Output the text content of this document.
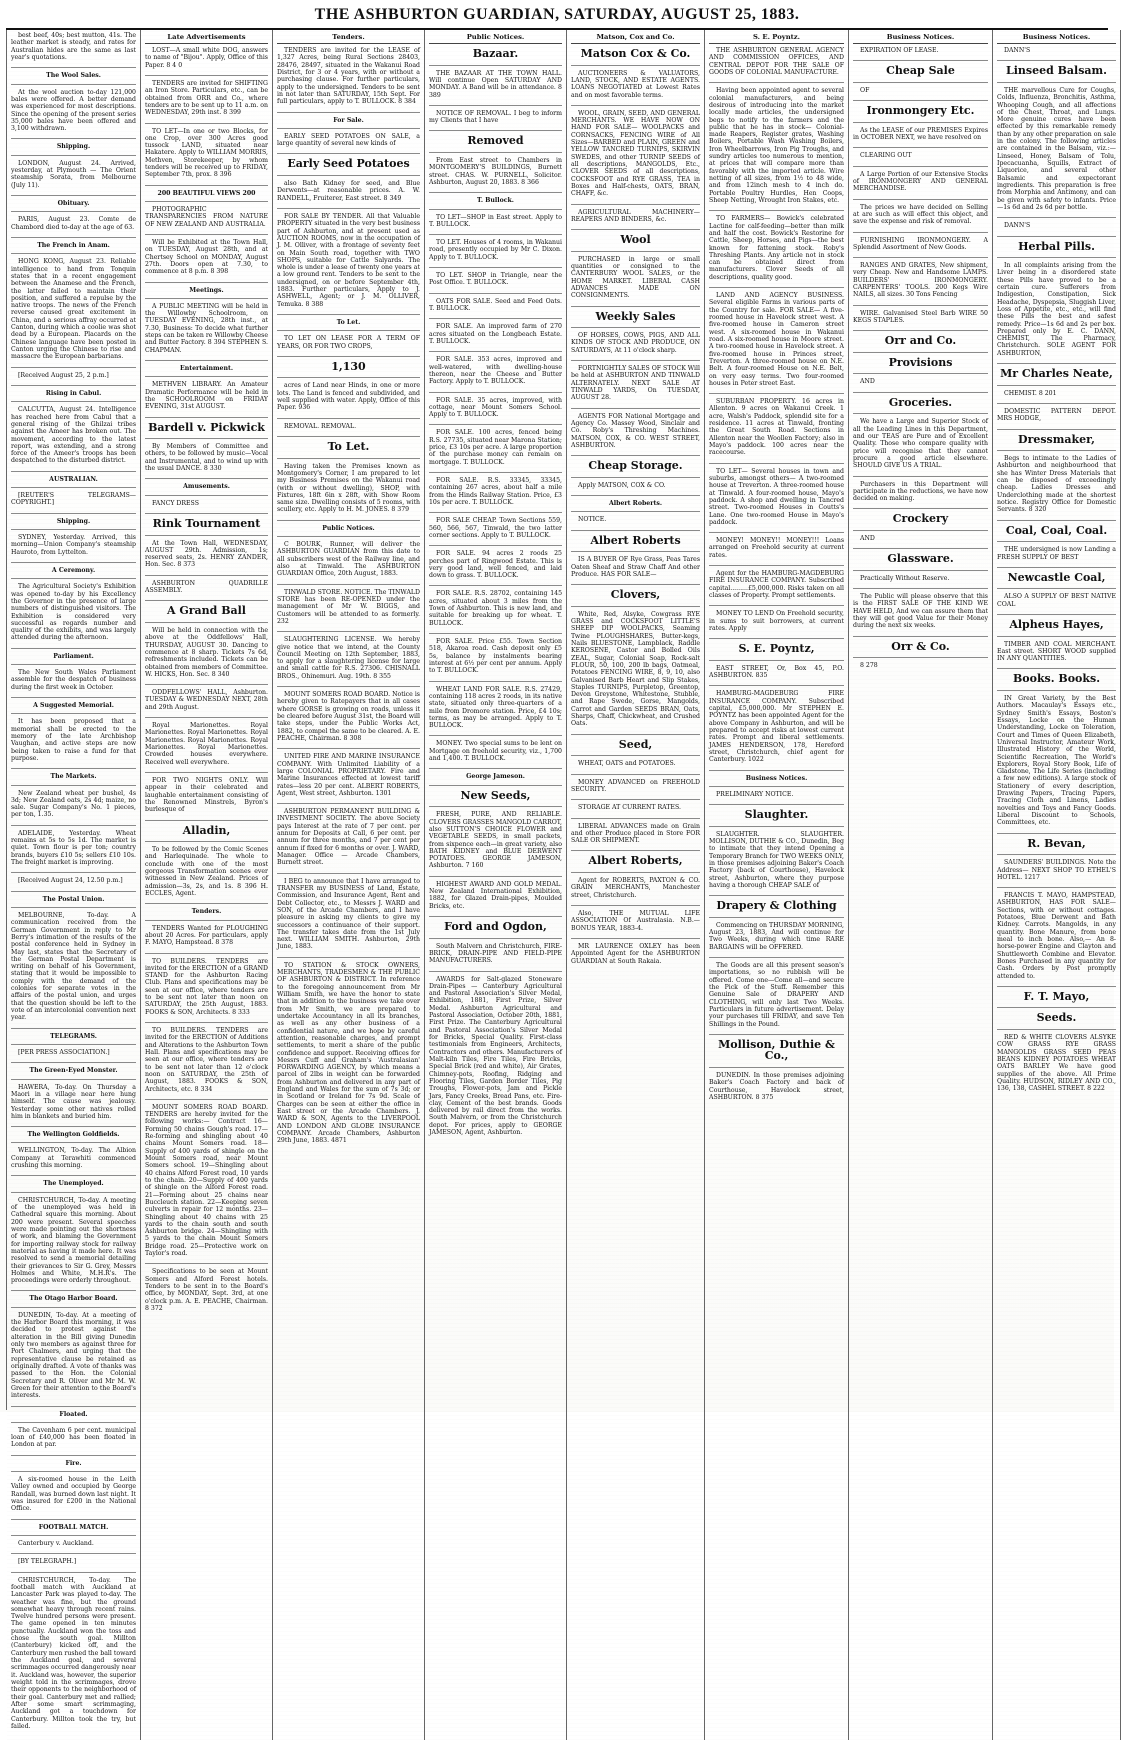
THE ASHBURTON GUARDIAN, SATURDAY, AUGUST 25, 1883.
best beef, 40s; best mutton, 41s. The leather market is steady, and rates for Australian hides are the same as last year's quotations.
The Wool Sales.
At the wool auction to-day 121,000 bales were offered. A better demand was experienced for most descriptions. Since the opening of the present series 35,000 bales have been offered and 3,100 withdrawn.
Shipping.
LONDON, August 24. Arrived, yesterday, at Plymouth — The Orient steamship Sorata, from Melbourne (July 11).
Obituary.
PARIS, August 23. Comte de Chambord died to-day at the age of 63.
The French in Anam.
HONG KONG, August 23. Reliable intelligence to hand from Tonquin states that in a recent engagement between the Anamese and the French, the latter failed to maintain their position, and suffered a repulse by the native troops. The news of the French reverse caused great excitement in China, and a serious affray occurred at Canton, during which a coolie was shot dead by a European. Placards on the Chinese language have been posted in Canton urging the Chinese to rise and massacre the European barbarians.
[Received August 25, 2 p.m.]
Rising in Cabul.
CALCUTTA, August 24. Intelligence has reached here from Cabul that a general rising of the Ghilzai tribes against the Ameer has broken out. The movement, according to the latest report, was extending, and a strong force of the Ameer's troops has been despatched to the disturbed district.
AUSTRALIAN.
[REUTER'S TELEGRAMS—COPYRIGHT.]
Shipping.
SYDNEY, Yesterday. Arrived, this morning—Union Company's steamship Hauroto, from Lyttelton.
A Ceremony.
The Agricultural Society's Exhibition was opened to-day by his Excellency the Governor in the presence of large numbers of distinguished visitors. The Exhibition is considered very successful as regards number and quality of the exhibits, and was largely attended during the afternoon.
Parliament.
The New South Wales Parliament assemble for the despatch of business during the first week in October.
A Suggested Memorial.
It has been proposed that a memorial shall be erected to the memory of the late Archbishop Vaughan, and active steps are now being taken to raise a fund for that purpose.
The Markets.
New Zealand wheat per bushel, 4s 3d; New Zealand oats, 2s 4d; maize, no sale. Sugar Company's No. 1 pieces, per ton, 1.35.
ADELAIDE, Yesterday. Wheat remains at 5s to 5s 1d. The market is quiet. Town flour is per ton; country brands, buyers £10 5s; sellers £10 10s. The freight market is improving.
[Received August 24, 12.50 p.m.]
The Postal Union.
MELBOURNE, To-day. A communication received from the German Government in reply to Mr Berry's intimation of the results of the postal conference held in Sydney in May last, states that the Secretary of the German Postal Department is writing on behalf of his Government, stating that it would be impossible to comply with the demand of the colonies for separate votes in the affairs of the postal union, and urges that the question should be left to the vote of an intercolonial convention next year.
TELEGRAMS.
[PER PRESS ASSOCIATION.]
The Green-Eyed Monster.
HAWERA, To-day. On Thursday a Maori in a village near here hung himself. The cause was jealousy. Yesterday some other natives rolled him in blankets and buried him.
The Wellington Goldfields.
WELLINGTON, To-day. The Albion Company at Terawhiti commenced crushing this morning.
The Unemployed.
CHRISTCHURCH, To-day. A meeting of the unemployed was held in Cathedral square this morning. About 200 were present. Several speeches were made pointing out the shortness of work, and blaming the Government for importing railway stock for railway material as having it made here. It was resolved to send a memorial detailing their grievances to Sir G. Grey, Messrs Holmes and White, M.H.R's. The proceedings were orderly throughout.
The Otago Harbor Board.
DUNEDIN, To-day. At a meeting of the Harbor Board this morning, it was decided to protest against the alteration in the Bill giving Dunedin only two members as against three for Port Chalmers, and urging that the representative clause be retained as originally drafted. A vote of thanks was passed to the Hon. the Colonial Secretary and R. Oliver and Mr M. W. Green for their attention to the Board's interests.
Floated.
The Cavenham 6 per cent. municipal loan of £40,000 has been floated in London at par.
Fire.
A six-roomed house in the Leith Valley owned and occupied by George Randall, was burned down last night. It was insured for £200 in the National Office.
FOOTBALL MATCH.
Canterbury v. Auckland.
[BY TELEGRAPH.]
CHRISTCHURCH, To-day. The football match with Auckland at Lancaster Park was played to-day. The weather was fine, but the ground somewhat heavy through recent rains. Twelve hundred persons were present. The game opened in ten minutes punctually. Auckland won the toss and chose the south goal. Millton (Canterbury) kicked off, and the Canterbury men rushed the ball toward the Auckland goal, and several scrimmages occurred dangerously near it. Auckland was, however, the superior weight told in the scrimmages, drove their opponents to the neighborhood of their goal. Canterbury met and rallied; After some smart scrimmaging, Auckland got a touchdown for Canterbury. Millton took the try, but failed.
Late Advertisements
LOST—A small white DOG, answers to name of "Bijou". Apply, Office of this Paper. 8 4 0
TENDERS are invited for SHIFTING an Iron Store. Particulars, etc., can be obtained from ORR and Co., where tenders are to be sent up to 11 a.m. on WEDNESDAY, 29th inst. 8 399
TO LET—In one or two Blocks, for one Crop, over 300 Acres good tussock LAND, situated near Hakatere. Apply to WILLIAM MORRIS, Methven, Storekeeper, by whom tenders will be received up to FRIDAY, September 7th, prox. 8 396
200 BEAUTIFUL VIEWS 200
PHOTOGRAPHIC TRANSPARENCIES FROM NATURE OF NEW ZEALAND AND AUSTRALIA.
Will be Exhibited at the Town Hall, on TUESDAY, August 28th, and at Chertsey School on MONDAY, August 27th. Doors open at 7.30, to commence at 8 p.m. 8 398
Meetings.
A PUBLIC MEETING will be held in the Willowby Schoolroom, on TUESDAY EVENING, 28th inst., at 7.30, Business: To decide what further steps can be taken re Willowby Cheese and Butter Factory. 8 394 STEPHEN S. CHAPMAN.
Entertainment.
METHVEN LIBRARY. An Amateur Dramatic Performance will be held in the SCHOOLROOM on FRIDAY EVENING, 31st AUGUST.
Bardell v. Pickwick
By Members of Committee and others, to be followed by music—Vocal and Instrumental, and to wind up with the usual DANCE. 8 330
Amusements.
FANCY DRESS
Rink Tournament
At the Town Hall, WEDNESDAY, AUGUST 29th. Admission, 1s; reserved seats, 2s. HENRY ZANDER, Hon. Sec. 8 373
ASHBURTON QUADRILLE ASSEMBLY.
A Grand Ball
Will be held in connection with the above at the Oddfellows' Hall, THURSDAY, AUGUST 30. Dancing to commence at 8 sharp. Tickets 7s 6d, refreshments included. Tickets can be obtained from members of Committee. W. HICKS, Hon. Sec. 8 340
ODDFELLOWS' HALL, Ashburton. TUESDAY & WEDNESDAY NEXT, 28th and 29th August.
Royal Marionettes. Royal Marionettes. Royal Marionettes. Royal Marionettes. Royal Marionettes. Royal Marionettes. Royal Marionettes. Crowded houses everywhere. Received well everywhere.
FOR TWO NIGHTS ONLY. Will appear in their celebrated and laughable entertainment consisting of the Renowned Minstrels, Byron's burlesque of
Alladin,
To be followed by the Comic Scenes and Harlequinade. The whole to conclude with one of the most gorgeous Transformation scenes ever witnessed in New Zealand. Prices of admission—3s, 2s, and 1s. 8 396 H. ECCLES, Agent.
Tenders.
TENDERS Wanted for PLOUGHING about 20 Acres. For particulars, apply F. MAYO, Hampstead. 8 378
TO BUILDERS. TENDERS are invited for the ERECTION of a GRAND STAND for the Ashburton Racing Club. Plans and specifications may be seen at our office, where tenders are to be sent not later than noon on SATURDAY, the 25th August, 1883. FOOKS & SON, Architects. 8 333
TO BUILDERS. TENDERS are invited for the ERECTION of Additions and Alterations to the Ashburton Town Hall. Plans and specifications may be seen at our office, where tenders are to be sent not later than 12 o'clock noon on SATURDAY, the 25th of August, 1883. FOOKS & SON, Architects, etc. 8 334
MOUNT SOMERS ROAD BOARD. TENDERS are hereby invited for the following works:— Contract 16—Forming 50 chains Gough's road. 17—Re-forming and shingling about 40 chains Mount Somers road. 18—Supply of 400 yards of shingle on the Mount Somers road, near Mount Somers school. 19—Shingling about 40 chains Alford Forest road, 10 yards to the chain. 20—Supply of 400 yards of shingle on the Alford Forest road. 21—Forming about 25 chains near Buccleuch station. 22—Keeping seven culverts in repair for 12 months. 23—Shingling about 40 chains with 25 yards to the chain south and south Ashburton bridge. 24—Shingling with 5 yards to the chain Mount Somers Bridge road. 25—Protective work on Taylor's road.
Specifications to be seen at Mount Somers and Alford Forest hotels. Tenders to be sent in to the Board's office, by MONDAY, Sept. 3rd, at one o'clock p.m. A. E. PEACHE, Chairman. 8 372
Tenders.
TENDERS are invited for the LEASE of 1,327 Acres, being Rural Sections 28403, 28476, 28497, situated in the Wakanui Road District, for 3 or 4 years, with or without a purchasing clause. For further particulars, apply to the undersigned. Tenders to be sent in not later than SATURDAY, 15th Sept. For full particulars, apply to T. BULLOCK. 8 384
For Sale.
EARLY SEED POTATOES ON SALE, a large quantity of several new kinds of
Early Seed Potatoes
also Bath Kidney for seed, and Blue Derwents—at reasonable prices. A. W. RANDELL, Fruiterer, East street. 8 349
FOR SALE BY TENDER. All that Valuable PROPERTY situated in the very best business part of Ashburton, and at present used as AUCTION ROOMS, now in the occupation of J. M. Olliver, with a frontage of seventy feet on Main South road, together with TWO SHOPS, suitable for Cattle Salyards. The whole is under a lease of twenty one years at a low ground rent. Tenders to be sent to the undersigned, on or before September 4th, 1883. Further particulars, Apply to J. ASHWELL, Agent; or J. M. OLLIVER, Temuka. 8 388
To Let.
TO LET ON LEASE FOR A TERM OF YEARS, OR FOR TWO CROPS,
1,130
acres of Land near Hinds, in one or more lots. The Land is fenced and subdivided, and well supplied with water. Apply, Office of this Paper. 936
REMOVAL. REMOVAL.
To Let.
Having taken the Premises known as Montgomery's Corner, I am prepared to let my Business Premises on the Wakanui road (with or without dwelling), SHOP, with Fixtures, 18ft 6in x 28ft, with Show Room same size. Dwelling consists of 5 rooms, with scullery, etc. Apply to H. M. JONES. 8 379
Public Notices.
C BOURK, Runner, will deliver the ASHBURTON GUARDIAN from this date to all subscribers west of the Railway line, and also at Tinwald. The ASHBURTON GUARDIAN Office, 20th August, 1883.
TINWALD STORE. NOTICE. The TINWALD STORE has been RE-OPENED under the management of Mr W. BIGGS, and Customers will be attended to as formerly. 232
SLAUGHTERING LICENSE. We hereby give notice that we intend, at the County Council Meeting on 12th September, 1883, to apply for a slaughtering license for large and small cattle for R.S. 27306. CHISNALL BROS., Ohinemuri. Aug. 19th. 8 355
MOUNT SOMERS ROAD BOARD. Notice is hereby given to Ratepayers that in all cases where GORSE is growing on roads, unless it be cleared before August 31st, the Board will take steps, under the Public Works Act, 1882, to compel the same to be cleared. A. E. PEACHE, Chairman. 8 308
UNITED FIRE AND MARINE INSURANCE COMPANY. With Unlimited Liability of a large COLONIAL PROPRIETARY. Fire and Marine Insurances effected at lowest tariff rates—less 20 per cent. ALBERT ROBERTS, Agent, West street, Ashburton. 1301
ASHBURTON PERMANENT BUILDING & INVESTMENT SOCIETY. The above Society pays Interest at the rate of 7 per cent. per annum for Deposits at Call, 6 per cent. per annum for three months, and 7 per cent per annum if fixed for 6 months or over. J. WARD, Manager. Office — Arcade Chambers, Burnett street.
I BEG to announce that I have arranged to TRANSFER my BUSINESS of Land, Estate, Commission, and Insurance Agent, Rent and Debt Collector, etc., to Messrs J. WARD and SON, of the Arcade Chambers, and I have pleasure in asking my clients to give my successors a continuance of their support. The transfer takes date from the 1st July next. WILLIAM SMITH. Ashburton, 29th June, 1883.
TO STATION & STOCK OWNERS, MERCHANTS, TRADESMEN & THE PUBLIC OF ASHBURTON & DISTRICT. In reference to the foregoing announcement from Mr William Smith, we have the honor to state that in addition to the business we take over from Mr Smith, we are prepared to undertake Accountancy in all its branches, as well as any other business of a confidential nature, and we hope by careful attention, reasonable charges, and prompt settlements, to merit a share of the public confidence and support. Receiving offices for Messrs Cuff and Graham's 'Australasian' FORWARDING AGENCY, by which means a parcel of 2lbs in weight can be forwarded from Ashburton and delivered in any part of England and Wales for the sum of 7s 3d; or in Scotland or Ireland for 7s 9d. Scale of Charges can be seen at either the office in East street or the Arcade Chambers. J. WARD & SON, Agents to the LIVERPOOL AND LONDON AND GLOBE INSURANCE COMPANY. Arcade Chambers, Ashburton 29th June, 1883. 4871
Public Notices.
Bazaar.
THE BAZAAR AT THE TOWN HALL. Will continue Open SATURDAY AND MONDAY. A Band will be in attendance. 8 389
NOTICE OF REMOVAL. I beg to inform my Clients that I have
Removed
From East street to Chambers in MONTGOMERY'S BUILDINGS, Burnett street. CHAS. W. PURNELL, Solicitor. Ashburton, August 20, 1883. 8 366
T. Bullock.
TO LET—SHOP in East street. Apply to T. BULLOCK.
TO LET. Houses of 4 rooms, in Wakanui road, presently occupied by Mr C. Dixon. Apply to T. BULLOCK.
TO LET. SHOP in Triangle, near the Post Office. T. BULLOCK.
OATS FOR SALE. Seed and Feed Oats. T. BULLOCK.
FOR SALE. An improved farm of 270 acres situated on the Longbeach Estate. T. BULLOCK.
FOR SALE. 353 acres, improved and well-watered, with dwelling-house thereon, near the Cheese and Butter Factory. Apply to T. BULLOCK.
FOR SALE. 35 acres, improved, with cottage, near Mount Somers School. Apply to T. BULLOCK.
FOR SALE. 100 acres, fenced being R.S. 27735, situated near Marona Station; price, £3 10s per acre. A large proportion of the purchase money can remain on mortgage. T. BULLOCK.
FOR SALE. R.S. 33345, 33345, containing 267 acres, about half a mile from the Hinds Railway Station. Price, £3 10s per acre. T. BULLOCK.
FOR SALE CHEAP. Town Sections 559, 560, 566, 567, Tinwald, the two latter corner sections. Apply to T. BULLOCK.
FOR SALE. 94 acres 2 roods 25 perches part of Ringwood Estate. This is very good land, well fenced, and laid down to grass. T. BULLOCK.
FOR SALE. R.S. 28702, containing 145 acres, situated about 3 miles from the Town of Ashburton. This is new land, and suitable for breaking up for wheat. T. BULLOCK.
FOR SALE. Price £55. Town Section 518, Akaroa road. Cash deposit only £5 5s, balance by instalments bearing interest at 6½ per cent per annum. Apply to T. BULLOCK.
WHEAT LAND FOR SALE. R.S. 27429, containing 118 acres 2 roods, in its native state, situated only three-quarters of a mile from Dromore station. Price, £4 10s; terms, as may be arranged. Apply to T. BULLOCK.
MONEY. Two special sums to be lent on Mortgage on freehold security, viz., 1,700 and 1,400. T. BULLOCK.
George Jameson.
New Seeds,
FRESH, PURE, AND RELIABLE. CLOVERS GRASSES MANGOLD CARROT, also SUTTON'S CHOICE FLOWER and VEGETABLE SEEDS, in small packets, from sixpence each—in great variety, also BATH KIDNEY and BLUE DERWENT POTATOES. GEORGE JAMESON, Ashburton. 7 160
HIGHEST AWARD AND GOLD MEDAL. New Zealand International Exhibition, 1882, for Glazed Drain-pipes, Moulded Bricks, etc.
Ford and Ogdon,
South Malvern and Christchurch, FIRE-BRICK, DRAIN-PIPE AND FIELD-PIPE MANUFACTURERS.
AWARDS for Salt-glazed Stoneware Drain-Pipes — Canterbury Agricultural and Pastoral Association's Silver Medal, Exhibition, 1881, First Prize, Silver Medal. Ashburton Agricultural and Pastoral Association, October 20th, 1881, First Prize. The Canterbury Agricultural and Pastoral Association's Silver Medal for Bricks, Special Quality. First-class testimonials from Engineers, Architects, Contractors and others. Manufacturers of Malt-kiln Tiles, Fire Tiles, Fire Bricks, Special Brick (red and white), Air Grates, Chimney-pots, Roofing, Ridging and Flooring Tiles, Garden Border Tiles, Pig Troughs, Flower-pots, Jam and Pickle Jars, Fancy Creeks, Bread Pans, etc. Fire-clay, Cement of the best brands. Goods delivered by rail direct from the works. South Malvern, or from the Christchurch depot. For prices, apply to GEORGE JAMESON, Agent, Ashburton.
Matson, Cox and Co.
Matson Cox & Co.
AUCTIONEERS & VALUATORS, LAND, STOCK, AND ESTATE AGENTS. LOANS NEGOTIATED at Lowest Rates and on most favorable terms.
WOOL, GRAIN, SEED, AND GENERAL MERCHANTS. WE HAVE NOW ON HAND FOR SALE— WOOLPACKS and CORNSACKS, FENCING WIRE of All Sizes—BARBED and PLAIN, GREEN and YELLOW TANCRED TURNIPS, SKIRVIN SWEDES, and other TURNIP SEEDS of all descriptions, MANGOLDS, Etc., CLOVER SEEDS of all descriptions, COCKSFOOT and RYE GRASS, TEA in Boxes and Half-chests, OATS, BRAN, CHAFF, &c.
AGRICULTURAL MACHINERY—REAPERS AND BINDERS, &c.
Wool
PURCHASED in large or small quantities or consigned to the CANTERBURY WOOL SALES, or the HOME MARKET. LIBERAL CASH ADVANCES MADE ON CONSIGNMENTS.
Weekly Sales
OF HORSES, COWS, PIGS, AND ALL KINDS OF STOCK AND PRODUCE, ON SATURDAYS, At 11 o'clock sharp.
FORTNIGHTLY SALES OF STOCK Will be held at ASHBURTON AND TINWALD ALTERNATELY. NEXT SALE AT TINWALD YARDS, On TUESDAY, AUGUST 28.
AGENTS FOR National Mortgage and Agency Co. Massey Wood, Sinclair and Co. Roby's Threshing Machines. MATSON, COX, & CO. WEST STREET, ASHBURTON.
Cheap Storage.
Apply MATSON, COX & CO.
Albert Roberts.
NOTICE.
Albert Roberts
IS A BUYER OF Rye Grass, Peas Tares Oaten Sheaf and Straw Chaff And other Produce. HAS FOR SALE—
Clovers,
White, Red, Alsyke, Cowgrass RYE GRASS and COCKSFOOT LITTLE'S SHEEP DIP WOOLPACKS, Seaming Twine PLOUGHSHARES, Butter-kegs, Nails BLUESTONE, Lampblack, Raddle KEROSENE, Castor and Bolled Oils ZEAL, Sugar, Colonial Soap, Rock-salt FLOUR, 50, 100, 200 lb bags, Oatmeal, Potatoes FENCING WIRE, 8, 9, 10, also Galvanised Barb Heart and Slip Stakes, Staples TURNIPS, Purpletop, Greentop, Devon Greystone, Whitestone, Stubble, and Rape Swede, Gorse, Mangolds, Carrot and Garden SEEDS BRAN, Oats, Sharps, Chaff, Chickwheat, and Crushed Oats.
Seed,
WHEAT, OATS and POTATOES.
MONEY ADVANCED on FREEHOLD SECURITY.
STORAGE AT CURRENT RATES.
LIBERAL ADVANCES made on Grain and other Produce placed in Store FOR SALE OR SHIPMENT.
Albert Roberts,
Agent for ROBERTS, PAXTON & CO. GRAIN MERCHANTS, Manchester street, Christchurch.
Also, THE MUTUAL LIFE ASSOCIATION Of Australasia. N.B.—BONUS YEAR, 1883-4.
MR LAURENCE OXLEY has been Appointed Agent for the ASHBURTON GUARDIAN at South Rakaia.
S. E. Poyntz.
THE ASHBURTON GENERAL AGENCY AND COMMISSION OFFICES, AND CENTRAL DEPOT FOR THE SALE OF GOODS OF COLONIAL MANUFACTURE.
Having been appointed agent to several colonial manufacturers, and being desirous of introducing into the market locally made articles, the undersigned begs to notify to the farmers and the public that he has in stock— Colonial-made Reapers, Register grates, Washing Boilers, Portable Wash Washing Boilers, Iron Wheelbarrows, Iron Pig Troughs, and sundry articles too numerous to mention, at prices that will compare more than favorably with the imported article. Wire netting of all sizes, from 1½ to 48 wide, and from 12inch mesh to 4 inch do. Portable Poultry Hurdles, Hen Coops, Sheep Netting, Wrought Iron Stakes, etc.
TO FARMERS— Bowick's celebrated Lactine for calf-feeding—better than milk and half the cost. Bowick's Restorine for Cattle, Sheep, Horses, and Pigs—the best known for fattening stock. Roby's Threshing Plants. Any article not in stock can be obtained direct from manufacturers. Clover Seeds of all descriptions, quality good.
LAND AND AGENCY BUSINESS. Several eligible Farms in various parts of the Country for sale. FOR SALE— A five-roomed house in Havelock street west. A five-roomed house in Cameron street west. A six-roomed house in Wakanui road. A six-roomed house in Moore street. A two-roomed house in Havelock street. A five-roomed house in Princes street, Treverton. A three-roomed house on N.E. Belt. A four-roomed House on N.E. Belt, on very easy terms. Two four-roomed houses in Peter street East.
SUBURBAN PROPERTY. 16 acres in Allenton. 9 acres on Wakanui Creek. 1 acre, Walsh's Paddock, splendid site for a residence. 11 acres at Tinwald, fronting the Great South Road. Sections in Allenton near the Woollen Factory; also in Mayo's paddock. 100 acres near the racecourse.
TO LET— Several houses in town and suburbs, amongst others— A two-roomed house at Treverton. A three-roomed house at Tinwald. A four-roomed house, Mayo's paddock. A shop and dwelling in Tancred street. Two-roomed Houses in Coutts's Lane. One two-roomed House in Mayo's paddock.
MONEY! MONEY!! MONEY!!! Loans arranged on Freehold security at current rates.
Agent for the HAMBURG-MAGDEBURG FIRE INSURANCE COMPANY. Subscribed capital.........£5,000,000. Risks taken on all classes of Property. Prompt settlements.
MONEY TO LEND On Freehold security, in sums to suit borrowers, at current rates. Apply
S. E. Poyntz,
EAST STREET, Or, Box 45, P.O. ASHBURTON. 835
HAMBURG-MAGDEBURG FIRE INSURANCE COMPANY. Subscribed capital, £5,000,000. Mr STEPHEN E. POYNTZ has been appointed Agent for the above Company in Ashburton, and will be prepared to accept risks at lowest current rates. Prompt and liberal settlements. JAMES HENDERSON, 178, Hereford street, Christchurch, chief agent for Canterbury. 1022
Business Notices.
PRELIMINARY NOTICE.
Slaughter.
SLAUGHTER. SLAUGHTER. MOLLISON, DUTHIE & CO., Dunedin, Beg to intimate that they intend Opening a Temporary Branch for TWO WEEKS ONLY, in those premises adjoining Baker's Coach Factory (back of Courthouse), Havelock street, Ashburton, where they purpose having a thorough CHEAP SALE of
Drapery & Clothing
Commencing on THURSDAY MORNING, August 23, 1883, And will continue for Two Weeks, during which time RARE BARGAINS will be OFFERED.
The Goods are all this present season's importations, so no rubbish will be offered. Come one—Come all—and secure the Pick of the Stuff. Remember this Genuine Sale of DRAPERY AND CLOTHING, will only last Two Weeks. Particulars in future advertisement. Delay your purchases till FRIDAY, and save Ten Shillings in the Pound.
Mollison, Duthie & Co.,
DUNEDIN. In those premises adjoining Baker's Coach Factory and back of Courthouse, Havelock street, ASHBURTON. 8 375
Business Notices.
EXPIRATION OF LEASE.
Cheap Sale
OF
Ironmongery Etc.
As the LEASE of our PREMISES Expires in OCTOBER NEXT, we have resolved on
CLEARING OUT
A Large Portion of our Extensive Stocks of IRONMONGERY AND GENERAL MERCHANDISE.
The prices we have decided on Selling at are such as will effect this object, and save the expense and risk of removal.
FURNISHING IRONMONGERY. A Splendid Assortment of New Goods.
RANGES AND GRATES, New shipment, very Cheap. New and Handsome LAMPS. BUILDERS' IRONMONGERY. CARPENTERS' TOOLS. 200 Kegs Wire NAILS, all sizes. 30 Tons Fencing
WIRE. Galvanised Steel Barb WIRE 50 KEGS STAPLES.
Orr and Co.
Provisions
AND
Groceries.
We have a Large and Superior Stock of all the Leading Lines in this Department, and our TEAS are Pure and of Excellent Quality. Those who compare quality with price will recognise that they cannot procure a good article elsewhere. SHOULD GIVE US A TRIAL.
Purchasers in this Department will participate in the reductions, we have now decided on making.
Crockery
AND
Glassware.
Practically Without Reserve.
The Public will please observe that this is the FIRST SALE OF THE KIND WE HAVE HELD, And we can assure them that they will get good Value for their Money during the next six weeks.
Orr & Co.
8 278
Business Notices.
DANN'S
Linseed Balsam.
THE marvellous Cure for Coughs, Colds, Influenza, Bronchitis, Asthma, Whooping Cough, and all affections of the Chest, Throat, and Lungs. More genuine cures have been effected by this remarkable remedy than by any other preparation on sale in the colony. The following articles are contained in the Balsam, viz.:—Linseed, Honey, Balsam of Tolu, Ipecacuanha, Squills, Extract of Liquorice, and several other Balsamic and expectorant ingredients. This preparation is free from Morphia and Antimony, and can be given with safety to infants. Price—1s 6d and 2s 6d per bottle.
DANN'S
Herbal Pills.
In all complaints arising from the Liver being in a disordered state these Pills have proved to be a certain cure. Sufferers from Indigestion, Constipation, Sick Headache, Dyspepsia, Sluggish Liver, Loss of Appetite, etc., etc., will find these Pills the best and safest remedy. Price—1s 6d and 2s per box. Prepared only by E. C. DANN, CHEMIST, The Pharmacy, Christchurch. SOLE AGENT FOR ASHBURTON,
Mr Charles Neate,
CHEMIST. 8 201
DOMESTIC PATTERN DEPOT. MRS HODGE,
Dressmaker,
Begs to intimate to the Ladies of Ashburton and neighbourhood that she has Winter Dress Materials that can be disposed of exceedingly cheap. Ladies Dresses and Underclothing made at the shortest notice. Registry Office for Domestic Servants. 8 320
Coal, Coal, Coal.
THE undersigned is now Landing a FRESH SUPPLY OF BEST
Newcastle Coal,
ALSO A SUPPLY OF BEST NATIVE COAL
Alpheus Hayes,
TIMBER AND COAL MERCHANT. East street. SHORT WOOD supplied IN ANY QUANTITIES.
Books. Books.
IN Great Variety, by the Best Authors. Macaulay's Essays etc., Sydney Smith's Essays, Boston's Essays, Locke on the Human Understanding, Locke on Toleration, Court and Times of Queen Elizabeth, Universal Instructor, Amateur Work, Illustrated History of the World, Scientific Recreation, The World's Explorers, Royal Story Book, Life of Gladstone, The Life Series (including a few new editions). A large stock of Stationery of every description, Drawing Papers, Tracing Papers, Tracing Cloth and Linens, Ladies novelties and Toys and Fancy Goods. Liberal Discount to Schools, Committees, etc.
R. Bevan,
SAUNDERS' BUILDINGS. Note the Address— NEXT SHOP TO ETHEL'S HOTEL. 1217
FRANCIS T. MAYO, HAMPSTEAD, ASHBURTON, HAS FOR SALE— Sections, with or without cottages. Potatoes, Blue Derwent and Bath Kidney. Carrots. Mangolds, in any quantity. Bone Manure, from bone meal to inch bone. Also,— An 8-horse-power Engine and Clayton and Shuttleworth Combine and Elevator. Bones Purchased in any quantity for Cash. Orders by Post promptly attended to.
F. T. Mayo,
Seeds.
RED & WHITE CLOVERS ALSYKE COW GRASS RYE GRASS MANGOLDS GRASS SEED PEAS BEANS KIDNEY POTATOES WHEAT OATS BARLEY We have good supplies of the above. All Prime Quality. HUDSON, RIDLEY AND CO., 136, 138, CASHEL STREET. 8 222
